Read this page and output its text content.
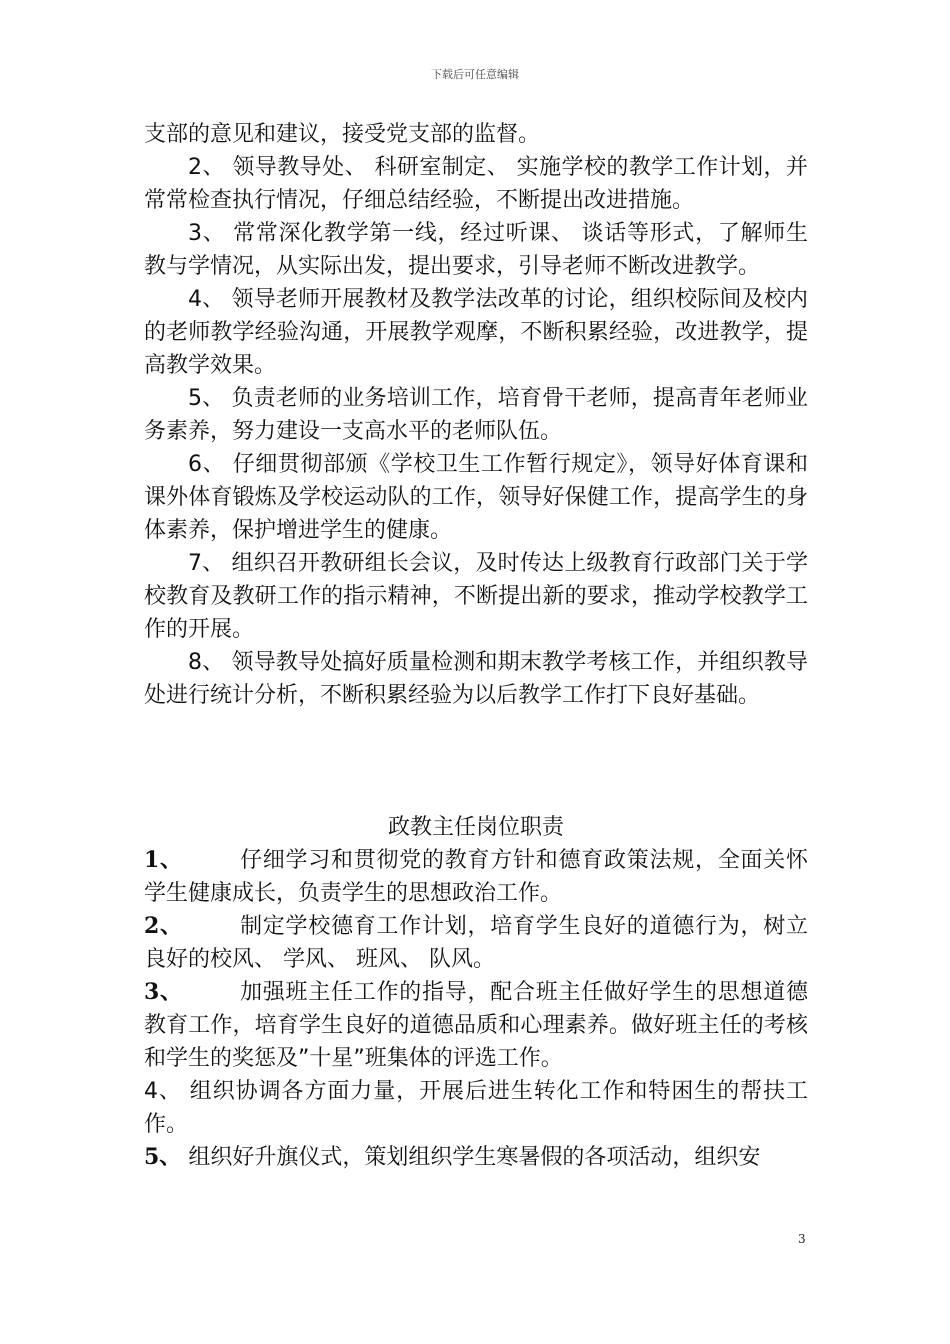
下载后可任意编辑

支部的意见和建议，接受党支部的监督。

2、 领导教导处、 科研室制定、 实施学校的教学工作计划，并常常检查执行情况，仔细总结经验，不断提出改进措施。

3、 常常深化教学第一线，经过听课、 谈话等形式，了解师生教与学情况，从实际出发，提出要求，引导老师不断改进教学。

4、 领导老师开展教材及教学法改革的讨论，组织校际间及校内的老师教学经验沟通，开展教学观摩，不断积累经验，改进教学，提高教学效果。

5、 负责老师的业务培训工作，培育骨干老师，提高青年老师业务素养，努力建设一支高水平的老师队伍。

6、 仔细贯彻部颁《学校卫生工作暂行规定》，领导好体育课和课外体育锻炼及学校运动队的工作，领导好保健工作，提高学生的身体素养，保护增进学生的健康。

7、 组织召开教研组长会议，及时传达上级教育行政部门关于学校教育及教研工作的指示精神，不断提出新的要求，推动学校教学工作的开展。

8、 领导教导处搞好质量检测和期末教学考核工作，并组织教导处进行统计分析，不断积累经验为以后教学工作打下良好基础。

政教主任岗位职责

1、　　　	仔细学习和贯彻党的教育方针和德育政策法规，全面关怀学生健康成长，负责学生的思想政治工作。

2、　　　	制定学校德育工作计划，培育学生良好的道德行为，树立良好的校风、 学风、 班风、 队风。

3、　　　	加强班主任工作的指导，配合班主任做好学生的思想道德教育工作，培育学生良好的道德品质和心理素养。做好班主任的考核和学生的奖惩及”十星”班集体的评选工作。

4、 组织协调各方面力量，开展后进生转化工作和特困生的帮扶工作。

5、 组织好升旗仪式，策划组织学生寒暑假的各项活动，组织安

3
